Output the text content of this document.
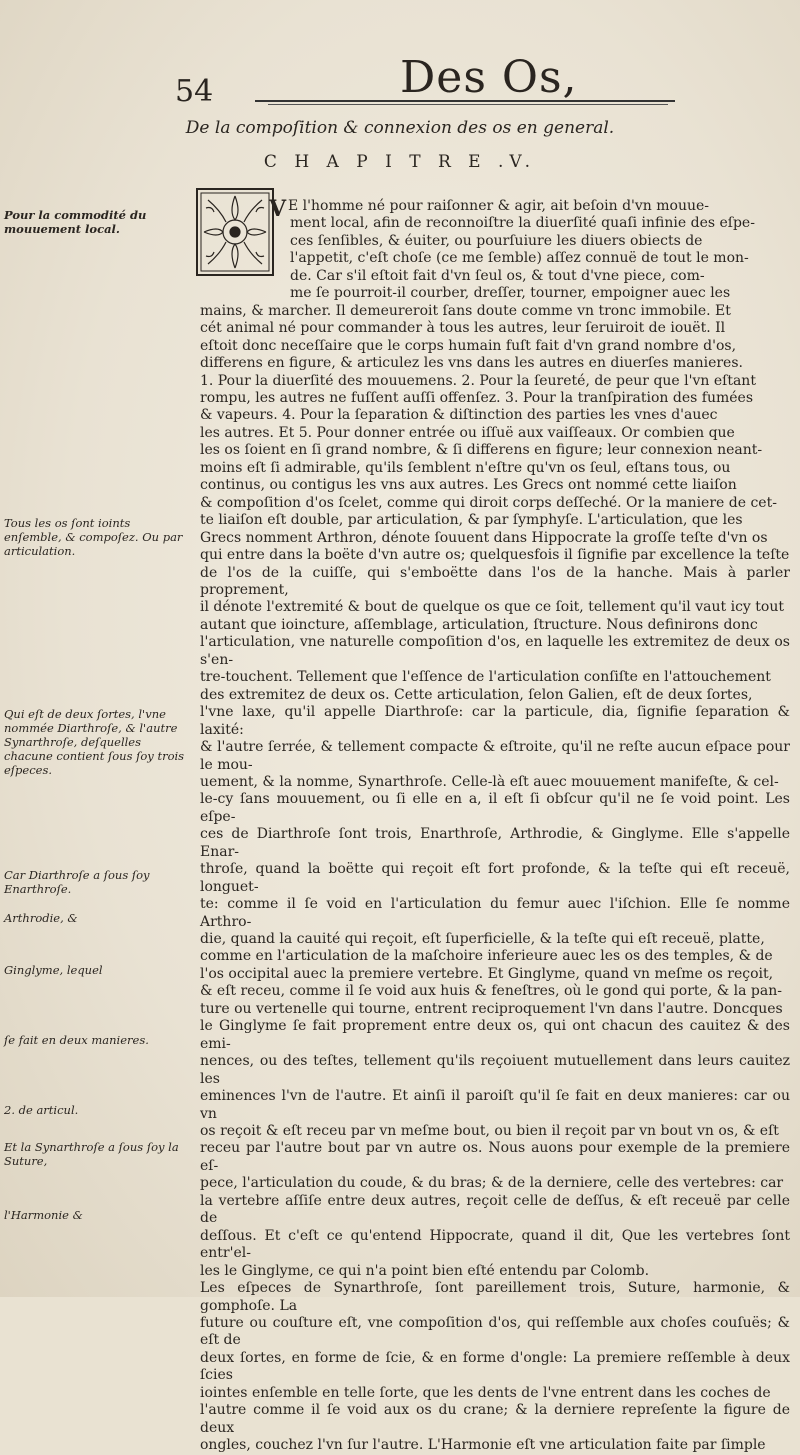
54	Des Os,
De la compoſition & connexion des os en general.
C H A P I T R E .V.
Pour la commodité du mouuement local.
Tous les os ſont ioints enſemble, & compoſez. Ou par articulation.
Qui eſt de deux ſortes, l'vne nommée Diarthroſe, & l'autre Synarthroſe, deſquelles chacune contient ſous ſoy trois eſpeces.
Car Diarthroſe a ſous ſoy Enarthroſe.
Arthrodie, &
Ginglyme, lequel
ſe fait en deux manieres.
2. de articul.
Et la Synarthroſe a ſous ſoy la Suture,
l'Harmonie &
V E l'homme né pour raiſonner & agir, ait beſoin d'vn mouue-
ment local, afin de reconnoiſtre la diuerſité quaſi infinie des eſpe-
ces ſenſibles, & éuiter, ou pourſuiure les diuers obiects de
l'appetit, c'eſt choſe (ce me ſemble) aſſez connuë de tout le mon-
de. Car s'il eſtoit fait d'vn ſeul os, & tout d'vne piece, com-
me ſe pourroit-il courber, dreſſer, tourner, empoigner auec les
mains, & marcher. Il demeureroit ſans doute comme vn tronc immobile. Et
cét animal né pour commander à tous les autres, leur ſeruiroit de iouët. Il
eſtoit donc neceſſaire que le corps humain fuſt fait d'vn grand nombre d'os,
differens en figure, & articulez les vns dans les autres en diuerſes manieres.
1. Pour la diuerſité des mouuemens. 2. Pour la ſeureté, de peur que l'vn eſtant
rompu, les autres ne fuſſent auſſi offenſez. 3. Pour la tranſpiration des fumées
& vapeurs. 4. Pour la ſeparation & diſtinction des parties les vnes d'auec
les autres. Et 5. Pour donner entrée ou iſſuë aux vaiſſeaux. Or combien que
les os ſoient en ſi grand nombre, & ſi differens en figure; leur connexion neant-
moins eſt ſi admirable, qu'ils ſemblent n'eſtre qu'vn os ſeul, eſtans tous, ou
continus, ou contigus les vns aux autres. Les Grecs ont nommé cette liaiſon
& compoſition d'os ſcelet, comme qui diroit corps deſſeché. Or la maniere de cet-
te liaiſon eſt double, par articulation, & par ſymphyſe. L'articulation, que les
Grecs nomment Arthron, dénote ſouuent dans Hippocrate la groſſe teſte d'vn os
qui entre dans la boëte d'vn autre os; quelquesfois il ſignifie par excellence la teſte
de l'os de la cuiſſe, qui s'emboëtte dans l'os de la hanche. Mais à parler proprement,
il dénote l'extremité & bout de quelque os que ce ſoit, tellement qu'il vaut icy tout
autant que ioincture, aſſemblage, articulation, ſtructure. Nous definirons donc
l'articulation, vne naturelle compoſition d'os, en laquelle les extremitez de deux os s'en-
tre-touchent. Tellement que l'eſſence de l'articulation conſiſte en l'attouchement
des extremitez de deux os. Cette articulation, ſelon Galien, eſt de deux ſortes,
l'vne laxe, qu'il appelle Diarthroſe: car la particule, dia, ſignifie ſeparation & laxité:
& l'autre ſerrée, & tellement compacte & eſtroite, qu'il ne reſte aucun eſpace pour le mou-
uement, & la nomme, Synarthroſe. Celle-là eſt auec mouuement manifeſte, & cel-
le-cy ſans mouuement, ou ſi elle en a, il eſt ſi obſcur qu'il ne ſe void point. Les eſpe-
ces de Diarthroſe ſont trois, Enarthroſe, Arthrodie, & Ginglyme. Elle s'appelle Enar-
throſe, quand la boëtte qui reçoit eſt fort profonde, & la teſte qui eſt receuë, longuet-
te: comme il ſe void en l'articulation du femur auec l'iſchion. Elle ſe nomme Arthro-
die, quand la cauité qui reçoit, eſt ſuperficielle, & la teſte qui eſt receuë, platte,
comme en l'articulation de la maſchoire inferieure auec les os des temples, & de
l'os occipital auec la premiere vertebre. Et Ginglyme, quand vn meſme os reçoit,
& eſt receu, comme il ſe void aux huis & feneſtres, où le gond qui porte, & la pan-
ture ou vertenelle qui tourne, entrent reciproquement l'vn dans l'autre. Doncques
le Ginglyme ſe fait proprement entre deux os, qui ont chacun des cauitez & des emi-
nences, ou des teſtes, tellement qu'ils reçoiuent mutuellement dans leurs cauitez les
eminences l'vn de l'autre. Et ainſi il paroiſt qu'il ſe fait en deux manieres: car ou vn
os reçoit & eſt receu par vn meſme bout, ou bien il reçoit par vn bout vn os, & eſt
receu par l'autre bout par vn autre os. Nous auons pour exemple de la premiere eſ-
pece, l'articulation du coude, & du bras; & de la derniere, celle des vertebres: car
la vertebre aſſiſe entre deux autres, reçoit celle de deſſus, & eſt receuë par celle de
deſſous. Et c'eſt ce qu'entend Hippocrate, quand il dit, Que les vertebres ſont entr'el-
les le Ginglyme, ce qui n'a point bien eſté entendu par Colomb.
Les eſpeces de Synarthroſe, ſont pareillement trois, Suture, harmonie, & gomphoſe. La
future ou couſture eſt, vne compoſition d'os, qui reſſemble aux choſes couſuës; & eſt de
deux ſortes, en forme de ſcie, & en forme d'ongle: La premiere reſſemble à deux ſcies
iointes enſemble en telle ſorte, que les dents de l'vne entrent dans les coches de
l'autre comme il ſe void aux os du crane; & la derniere repreſente la figure de deux
ongles, couchez l'vn ſur l'autre. L'Harmonie eſt vne articulation faite par ſimple
